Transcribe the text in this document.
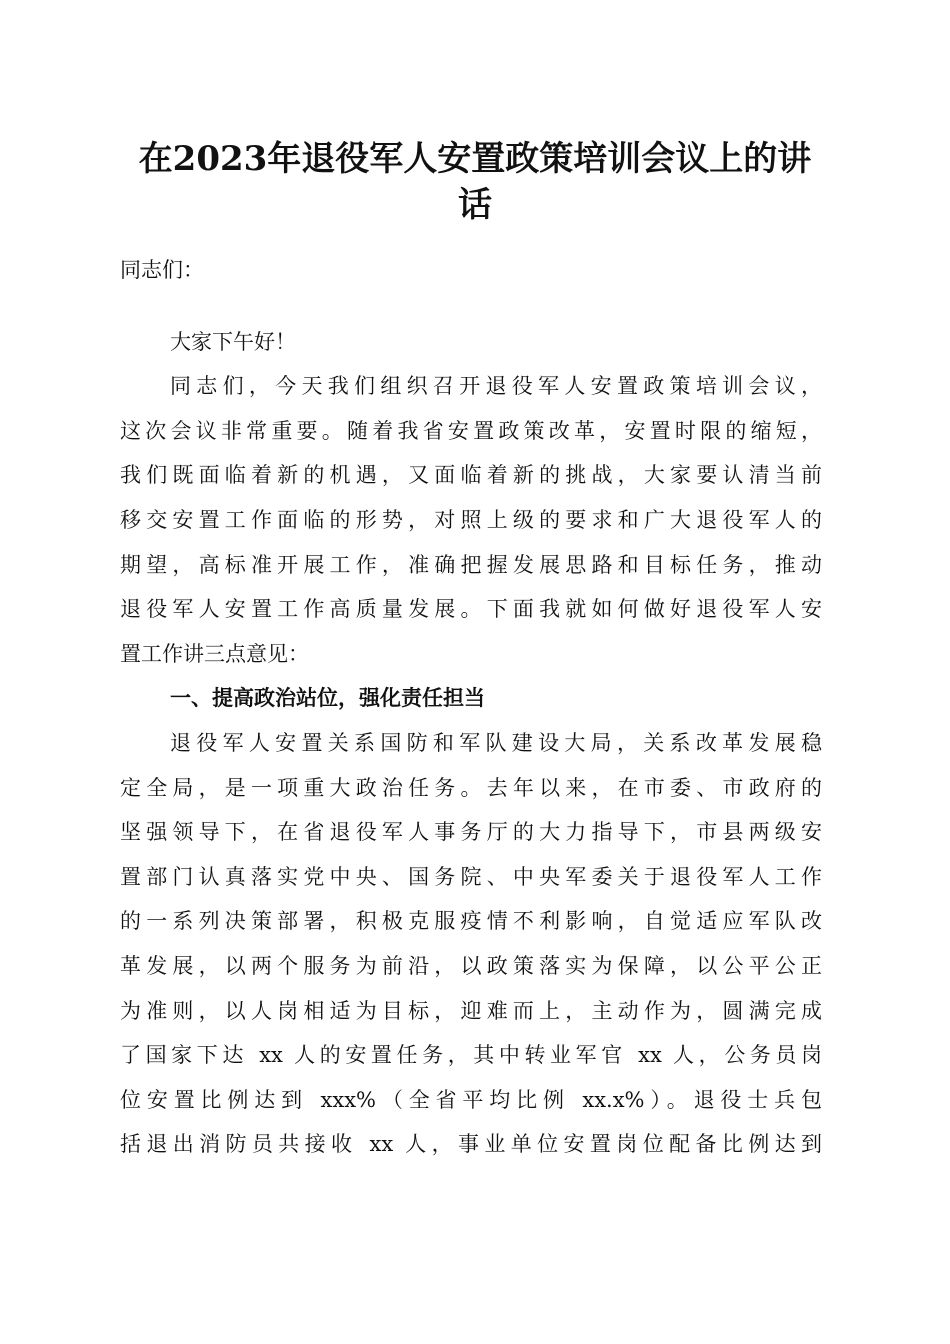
在2023年退役军人安置政策培训会议上的讲
话
同志们：
大家下午好！
同志们，今天我们组织召开退役军人安置政策培训会议，
这次会议非常重要。随着我省安置政策改革，安置时限的缩短，
我们既面临着新的机遇，又面临着新的挑战，大家要认清当前
移交安置工作面临的形势，对照上级的要求和广大退役军人的
期望，高标准开展工作，准确把握发展思路和目标任务，推动
退役军人安置工作高质量发展。下面我就如何做好退役军人安
置工作讲三点意见：
一、提高政治站位，强化责任担当
退役军人安置关系国防和军队建设大局，关系改革发展稳
定全局，是一项重大政治任务。去年以来，在市委、市政府的
坚强领导下，在省退役军人事务厅的大力指导下，市县两级安
置部门认真落实党中央、国务院、中央军委关于退役军人工作
的一系列决策部署，积极克服疫情不利影响，自觉适应军队改
革发展，以两个服务为前沿，以政策落实为保障，以公平公正
为准则，以人岗相适为目标，迎难而上，主动作为，圆满完成
了国家下达 xx 人的安置任务，其中转业军官 xx 人，公务员岗
位安置比例达到 xxx%（全省平均比例 xx.x%）。退役士兵包
括退出消防员共接收 xx 人，事业单位安置岗位配备比例达到
